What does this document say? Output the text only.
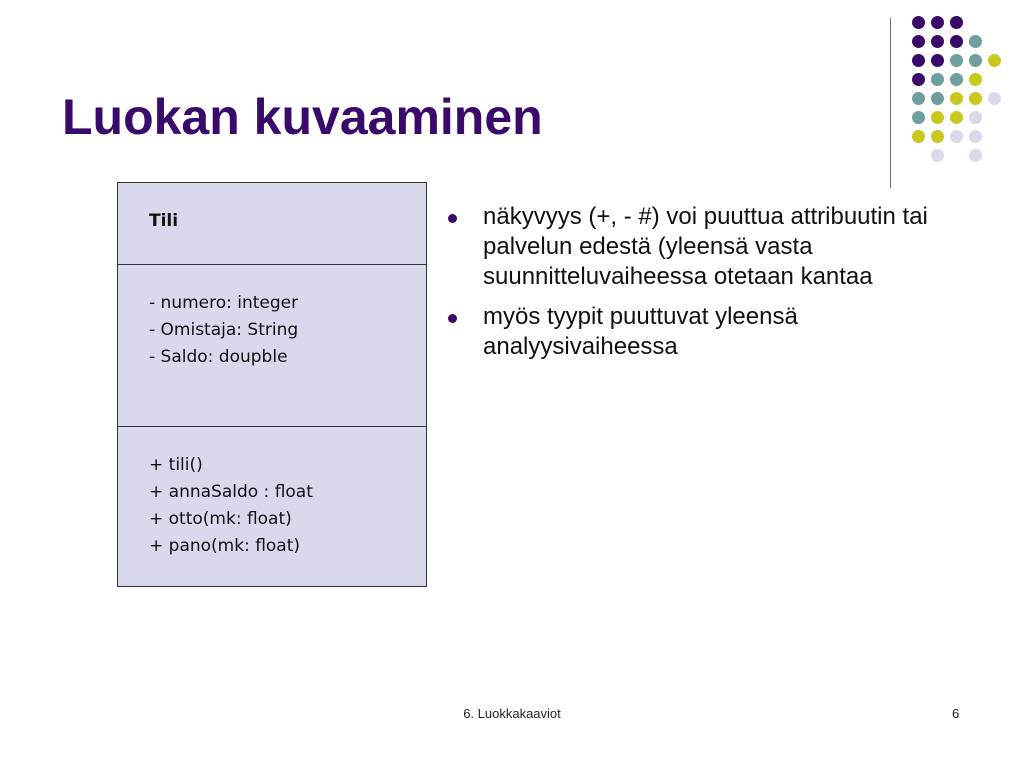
Luokan kuvaaminen
Tili
- numero: integer
- Omistaja: String
- Saldo: doupble
+ tili()
+ annaSaldo : float
+ otto(mk: float)
+ pano(mk: float)
näkyvyys (+, - #) voi puuttua attribuutin tai palvelun edestä (yleensä vasta suunnitteluvaiheessa otetaan kantaa
myös tyypit puuttuvat yleensä analyysivaiheessa
6. Luokkakaaviot	6
